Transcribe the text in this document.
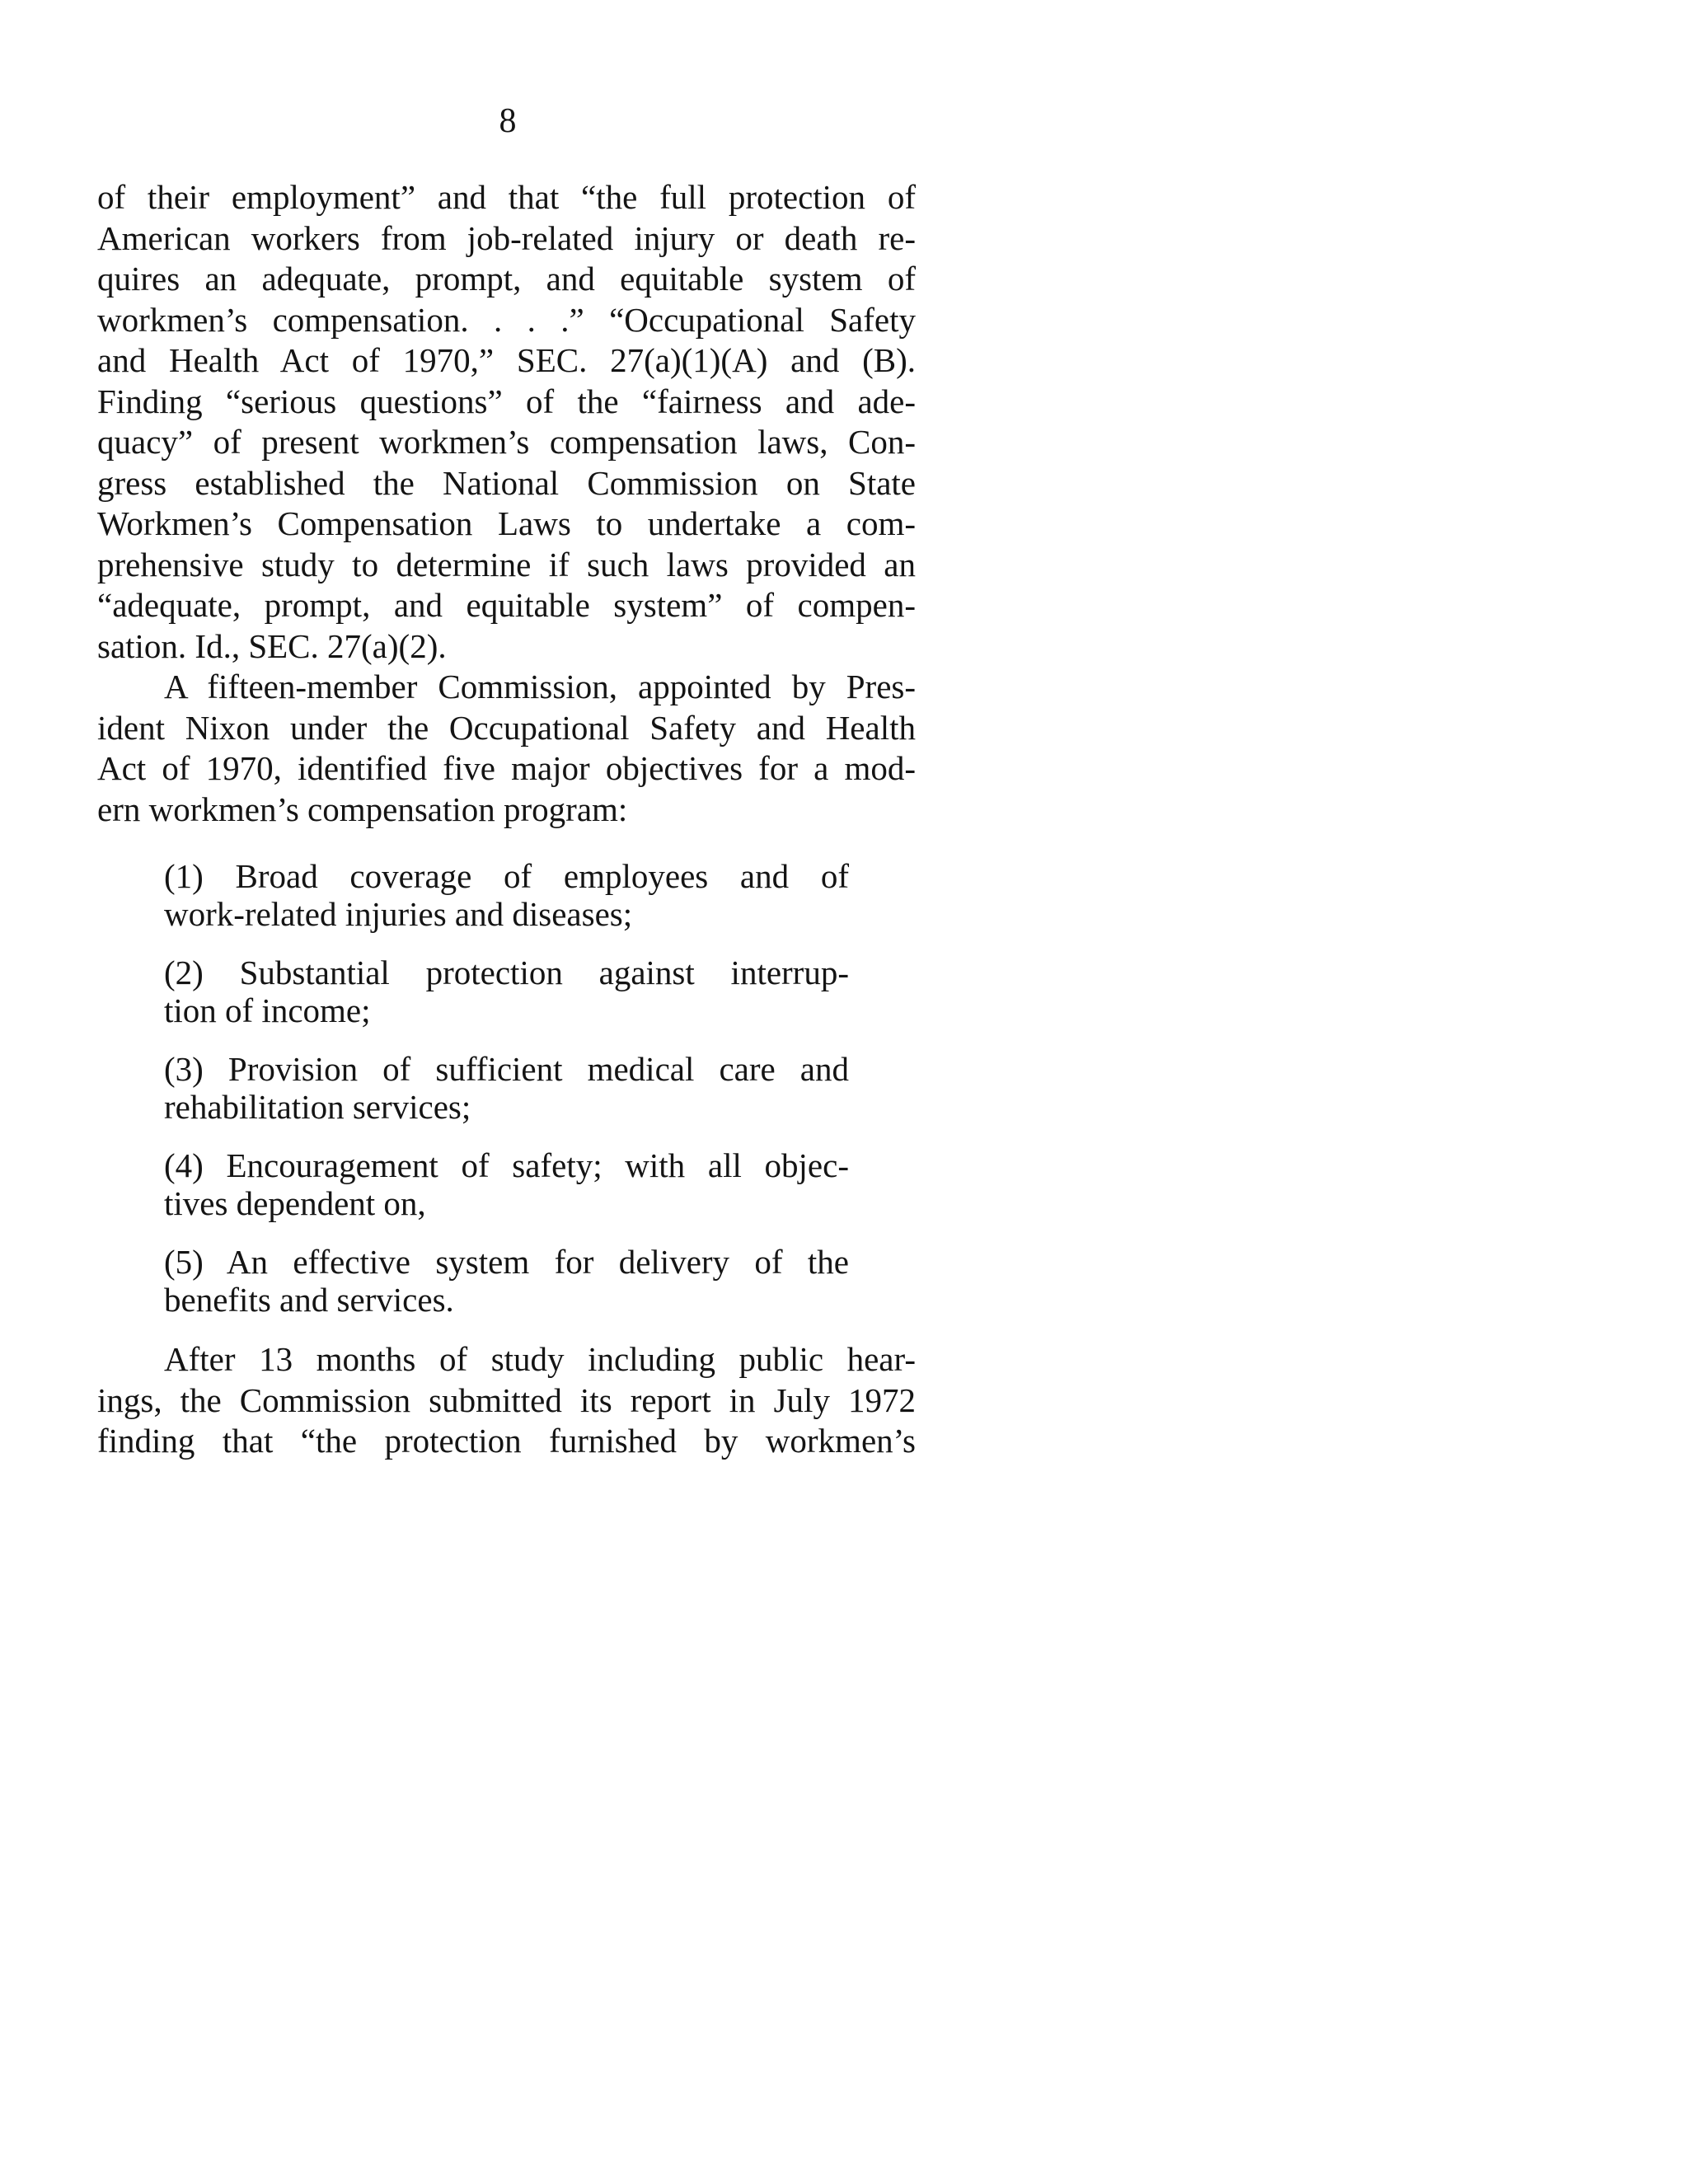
8
of their employment” and that “the full protection of
American workers from job-related injury or death re-
quires an adequate, prompt, and equitable system of
workmen’s compensation. . . .” “Occupational Safety
and Health Act of 1970,” SEC. 27(a)(1)(A) and (B).
Finding “serious questions” of the “fairness and ade-
quacy” of present workmen’s compensation laws, Con-
gress established the National Commission on State
Workmen’s Compensation Laws to undertake a com-
prehensive study to determine if such laws provided an
“adequate, prompt, and equitable system” of compen-
sation. Id., SEC. 27(a)(2).
A fifteen-member Commission, appointed by Pres-
ident Nixon under the Occupational Safety and Health
Act of 1970, identified five major objectives for a mod-
ern workmen’s compensation program:
(1) Broad coverage of employees and of
work-related injuries and diseases;
(2) Substantial protection against interrup-
tion of income;
(3) Provision of sufficient medical care and
rehabilitation services;
(4) Encouragement of safety; with all objec-
tives dependent on,
(5) An effective system for delivery of the
benefits and services.
After 13 months of study including public hear-
ings, the Commission submitted its report in July 1972
finding that “the protection furnished by workmen’s
